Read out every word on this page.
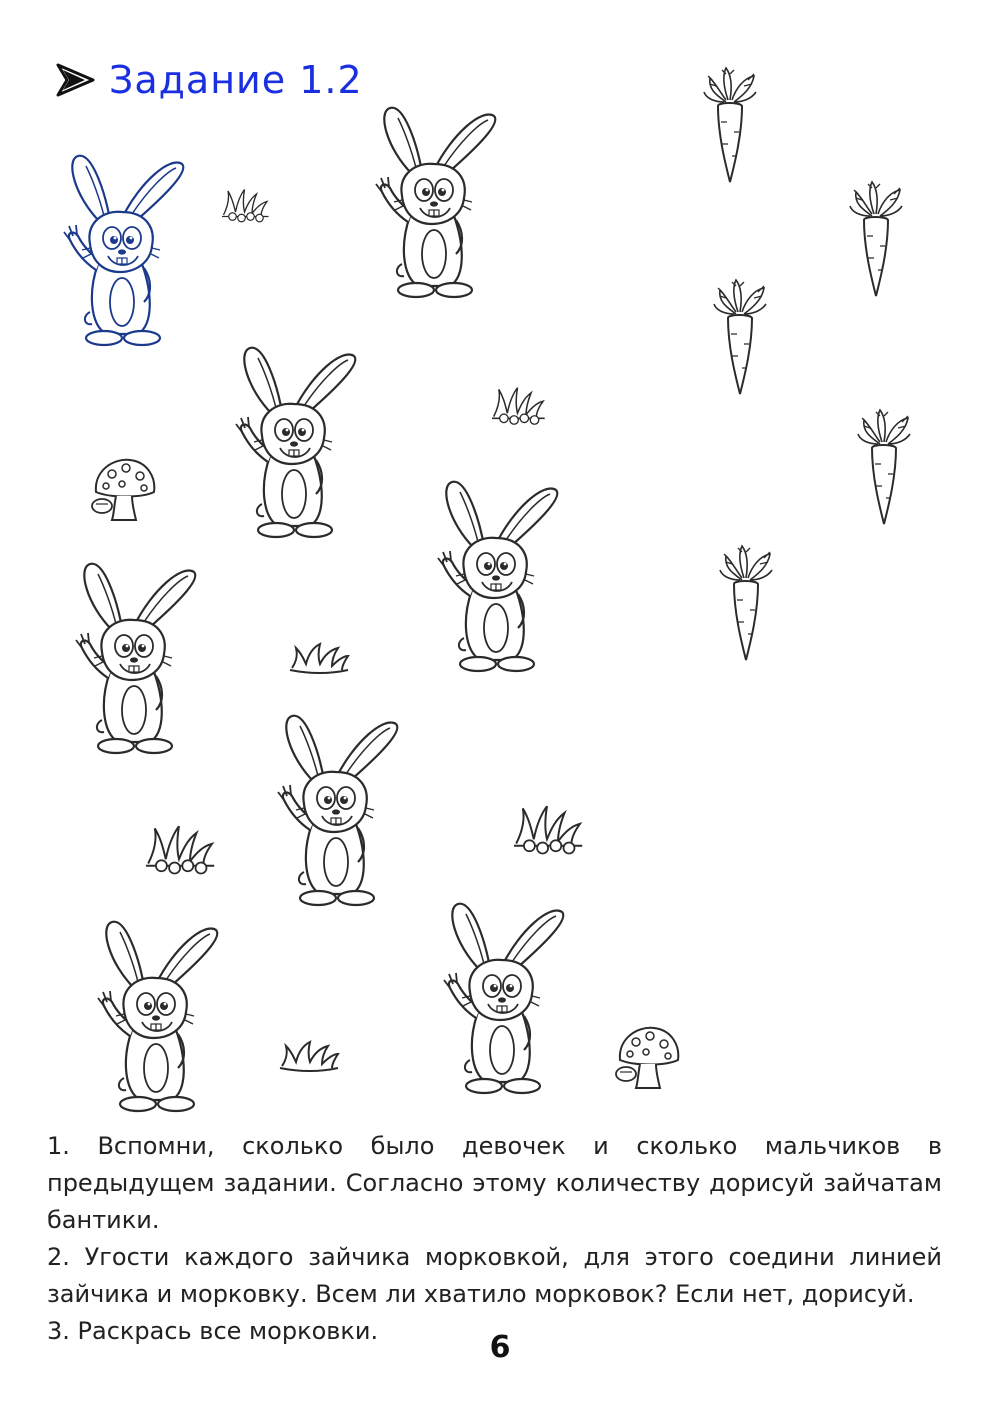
Задание 1.2

1. Вспомни, сколько было девочек и сколько мальчиков в предыдущем задании. Согласно этому количеству дорисуй зайчатам бантики.

2. Угости каждого зайчика морковкой, для этого соедини линией зайчика и морковку. Всем ли хватило морковок? Если нет, дорисуй.

3. Раскрась все морковки.	6
